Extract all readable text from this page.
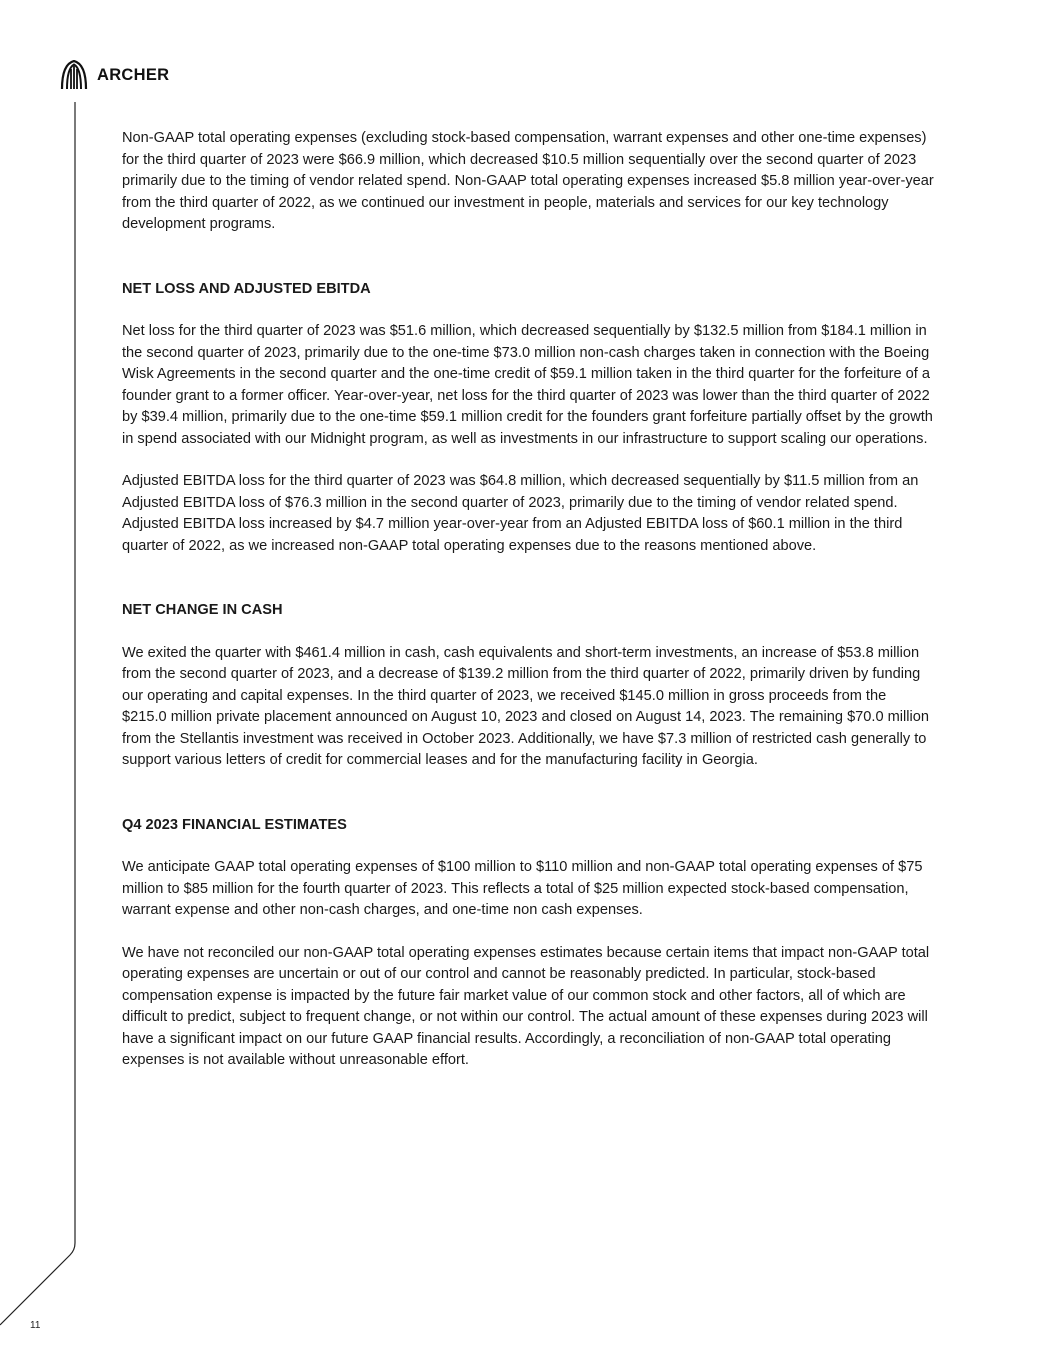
ARCHER

Non-GAAP total operating expenses (excluding stock-based compensation, warrant expenses and other one-time expenses) for the third quarter of 2023 were $66.9 million, which decreased $10.5 million sequentially over the second quarter of 2023 primarily due to the timing of vendor related spend. Non-GAAP total operating expenses increased $5.8 million year-over-year from the third quarter of 2022, as we continued our investment in people, materials and services for our key technology development programs.

NET LOSS AND ADJUSTED EBITDA

Net loss for the third quarter of 2023 was $51.6 million, which decreased sequentially by $132.5 million from $184.1 million in the second quarter of 2023, primarily due to the one-time $73.0 million non-cash charges taken in connection with the Boeing Wisk Agreements in the second quarter and the one-time credit of $59.1 million taken in the third quarter for the forfeiture of a founder grant to a former officer. Year-over-year, net loss for the third quarter of 2023 was lower than the third quarter of 2022 by $39.4 million, primarily due to the one-time $59.1 million credit for the founders grant forfeiture partially offset by the growth in spend associated with our Midnight program, as well as investments in our infrastructure to support scaling our operations.

Adjusted EBITDA loss for the third quarter of 2023 was $64.8 million, which decreased sequentially by $11.5 million from an Adjusted EBITDA loss of $76.3 million in the second quarter of 2023, primarily due to the timing of vendor related spend. Adjusted EBITDA loss increased by $4.7 million year-over-year from an Adjusted EBITDA loss of $60.1 million in the third quarter of 2022, as we increased non-GAAP total operating expenses due to the reasons mentioned above.

NET CHANGE IN CASH

We exited the quarter with $461.4 million in cash, cash equivalents and short-term investments, an increase of $53.8 million from the second quarter of 2023, and a decrease of $139.2 million from the third quarter of 2022, primarily driven by funding our operating and capital expenses. In the third quarter of 2023, we received $145.0 million in gross proceeds from the $215.0 million private placement announced on August 10, 2023 and closed on August 14, 2023. The remaining $70.0 million from the Stellantis investment was received in October 2023. Additionally, we have $7.3 million of restricted cash generally to support various letters of credit for commercial leases and for the manufacturing facility in Georgia.

Q4 2023 FINANCIAL ESTIMATES

We anticipate GAAP total operating expenses of $100 million to $110 million and non-GAAP total operating expenses of $75 million to $85 million for the fourth quarter of 2023. This reflects a total of $25 million expected stock-based compensation, warrant expense and other non-cash charges, and one-time non cash expenses.

We have not reconciled our non-GAAP total operating expenses estimates because certain items that impact non-GAAP total operating expenses are uncertain or out of our control and cannot be reasonably predicted. In particular, stock-based compensation expense is impacted by the future fair market value of our common stock and other factors, all of which are difficult to predict, subject to frequent change, or not within our control. The actual amount of these expenses during 2023 will have a significant impact on our future GAAP financial results. Accordingly, a reconciliation of non-GAAP total operating expenses is not available without unreasonable effort.

11
